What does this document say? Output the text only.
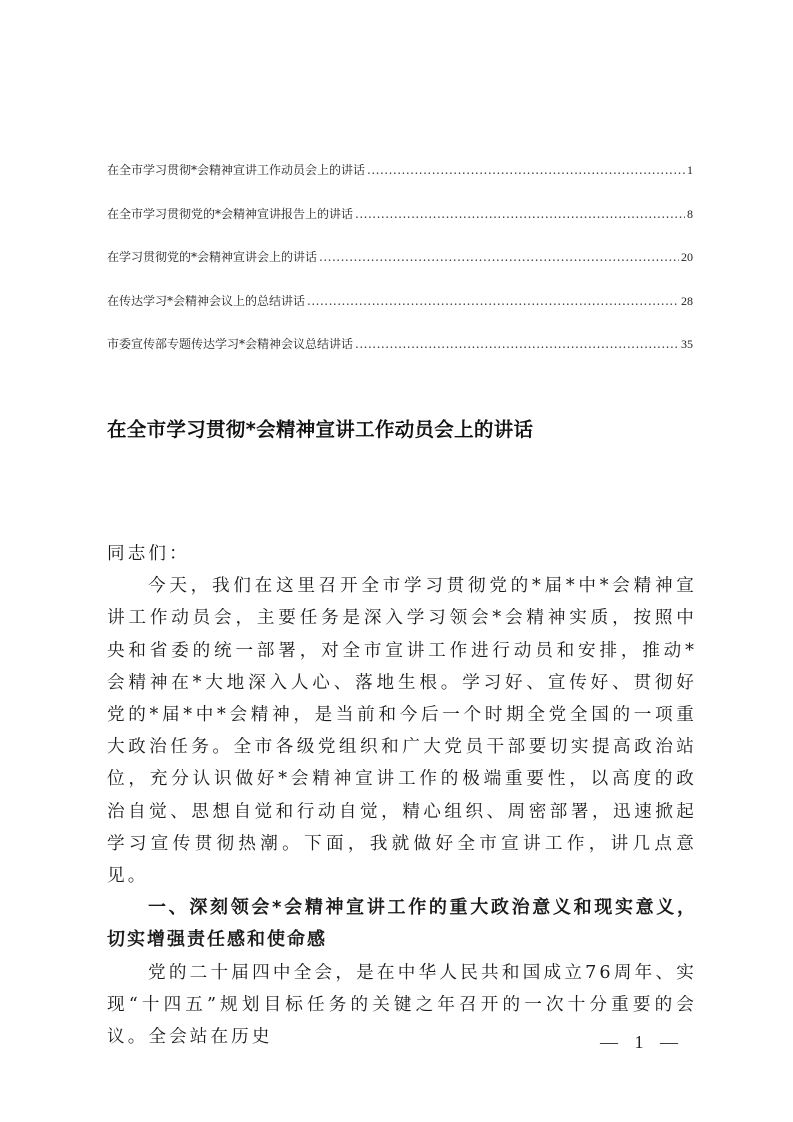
在全市学习贯彻*会精神宣讲工作动员会上的讲话 .....	1
在全市学习贯彻党的*会精神宣讲报告上的讲话 .....	8
在学习贯彻党的*会精神宣讲会上的讲话 .....	20
在传达学习*会精神会议上的总结讲话 .....	28
市委宣传部专题传达学习*会精神会议总结讲话 .....	35
在全市学习贯彻*会精神宣讲工作动员会上的讲话

同志们：

今天，我们在这里召开全市学习贯彻党的*届*中*会精神宣讲工作动员会，主要任务是深入学习领会*会精神实质，按照中央和省委的统一部署，对全市宣讲工作进行动员和安排，推动*会精神在*大地深入人心、落地生根。学习好、宣传好、贯彻好党的*届*中*会精神，是当前和今后一个时期全党全国的一项重大政治任务。全市各级党组织和广大党员干部要切实提高政治站位，充分认识做好*会精神宣讲工作的极端重要性，以高度的政治自觉、思想自觉和行动自觉，精心组织、周密部署，迅速掀起学习宣传贯彻热潮。下面，我就做好全市宣讲工作，讲几点意见。

一、深刻领会*会精神宣讲工作的重大政治意义和现实意义，切实增强责任感和使命感

党的二十届四中全会，是在中华人民共和国成立76周年、实现“十四五”规划目标任务的关键之年召开的一次十分重要的会议。全会站在历史	— 1 —
